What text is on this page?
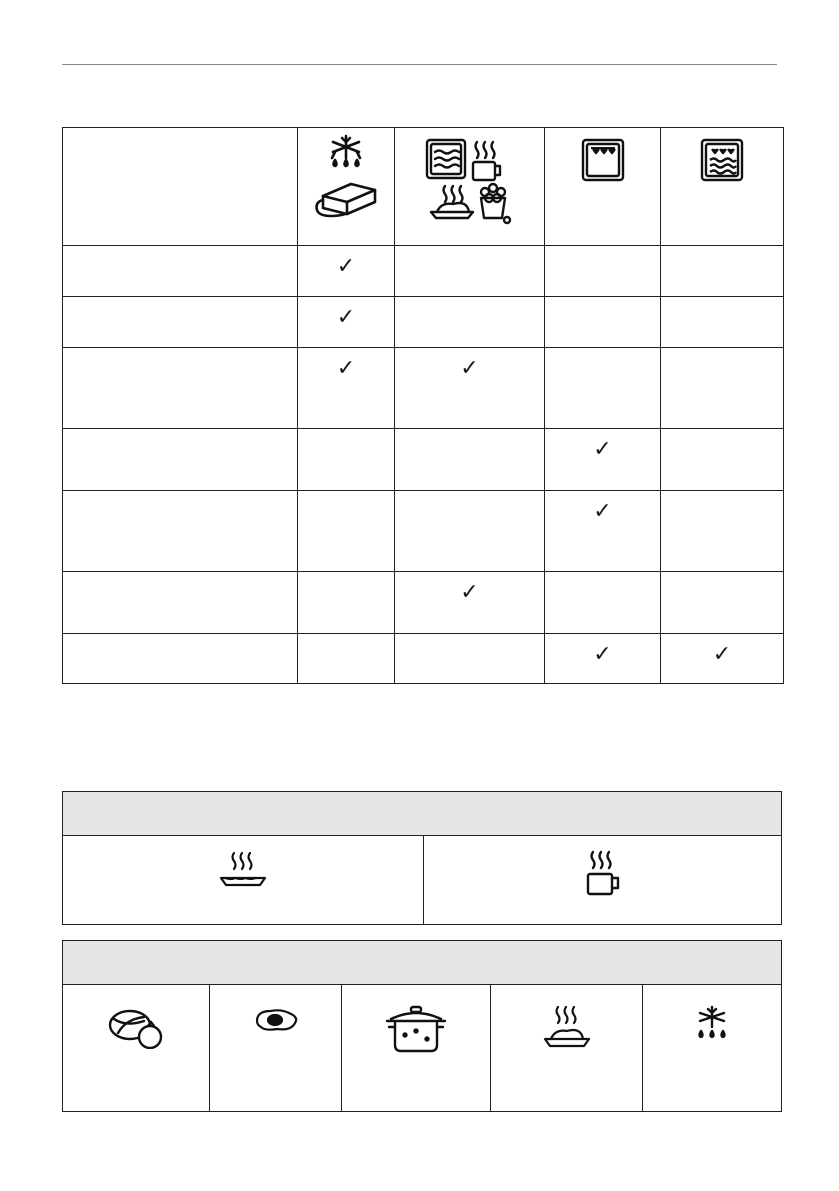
	✓			

	✓			

	✓	✓		

			✓	

			✓	

		✓		

			✓	✓
